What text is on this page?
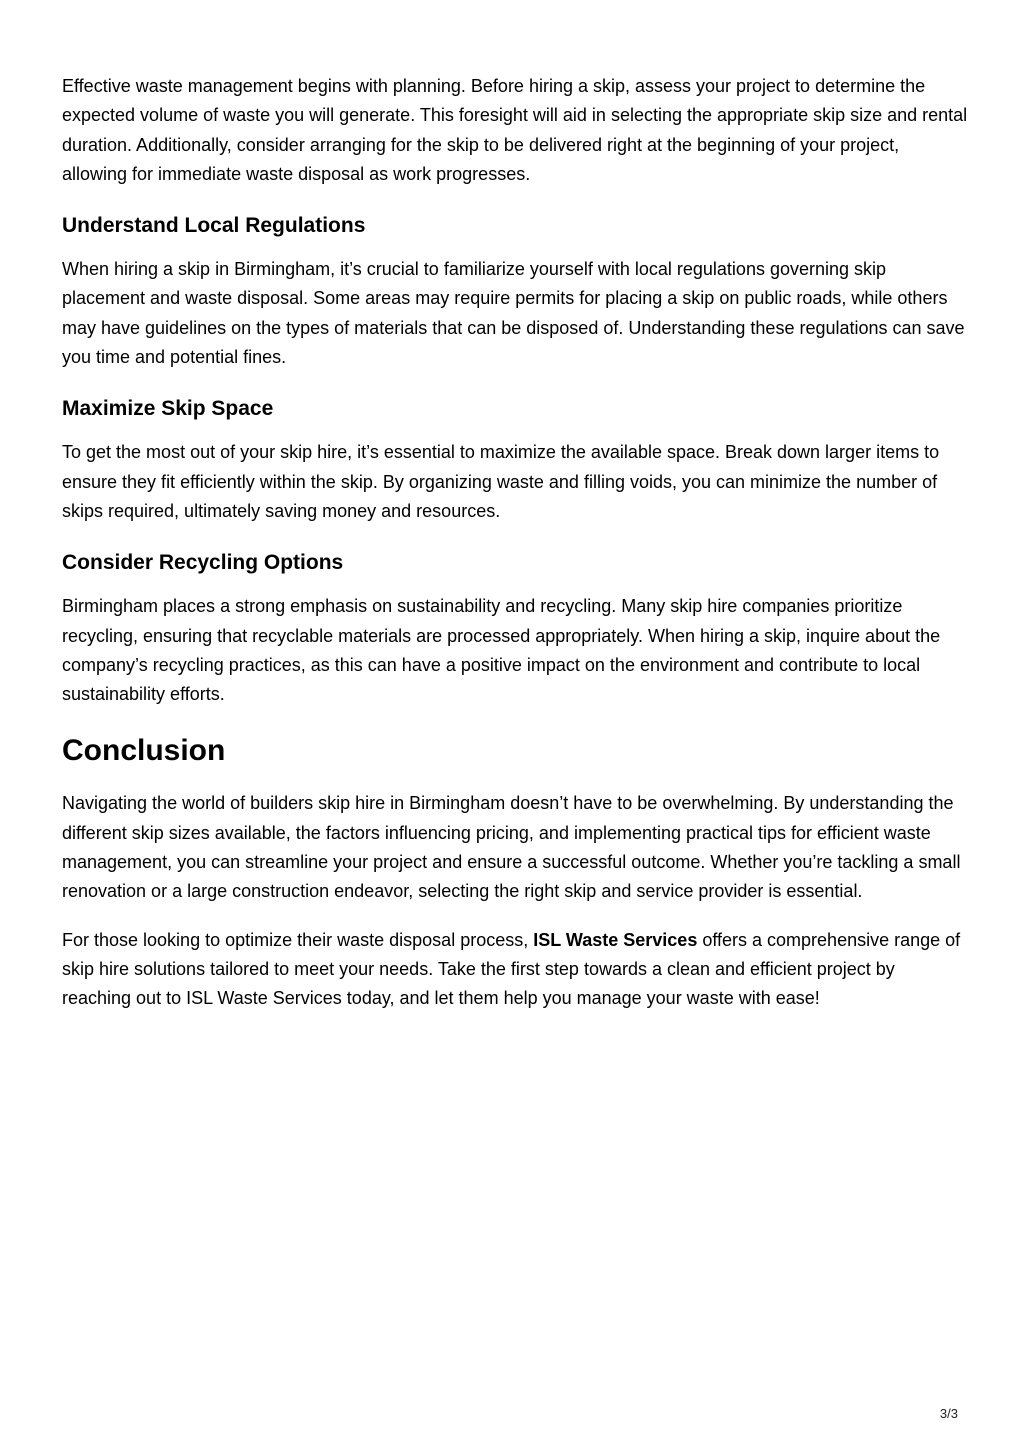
Effective waste management begins with planning. Before hiring a skip, assess your project to determine the expected volume of waste you will generate. This foresight will aid in selecting the appropriate skip size and rental duration. Additionally, consider arranging for the skip to be delivered right at the beginning of your project, allowing for immediate waste disposal as work progresses.

Understand Local Regulations

When hiring a skip in Birmingham, it’s crucial to familiarize yourself with local regulations governing skip placement and waste disposal. Some areas may require permits for placing a skip on public roads, while others may have guidelines on the types of materials that can be disposed of. Understanding these regulations can save you time and potential fines.

Maximize Skip Space

To get the most out of your skip hire, it’s essential to maximize the available space. Break down larger items to ensure they fit efficiently within the skip. By organizing waste and filling voids, you can minimize the number of skips required, ultimately saving money and resources.

Consider Recycling Options

Birmingham places a strong emphasis on sustainability and recycling. Many skip hire companies prioritize recycling, ensuring that recyclable materials are processed appropriately. When hiring a skip, inquire about the company’s recycling practices, as this can have a positive impact on the environment and contribute to local sustainability efforts.

Conclusion

Navigating the world of builders skip hire in Birmingham doesn’t have to be overwhelming. By understanding the different skip sizes available, the factors influencing pricing, and implementing practical tips for efficient waste management, you can streamline your project and ensure a successful outcome. Whether you’re tackling a small renovation or a large construction endeavor, selecting the right skip and service provider is essential.

For those looking to optimize their waste disposal process, ISL Waste Services offers a comprehensive range of skip hire solutions tailored to meet your needs. Take the first step towards a clean and efficient project by reaching out to ISL Waste Services today, and let them help you manage your waste with ease!

3/3
